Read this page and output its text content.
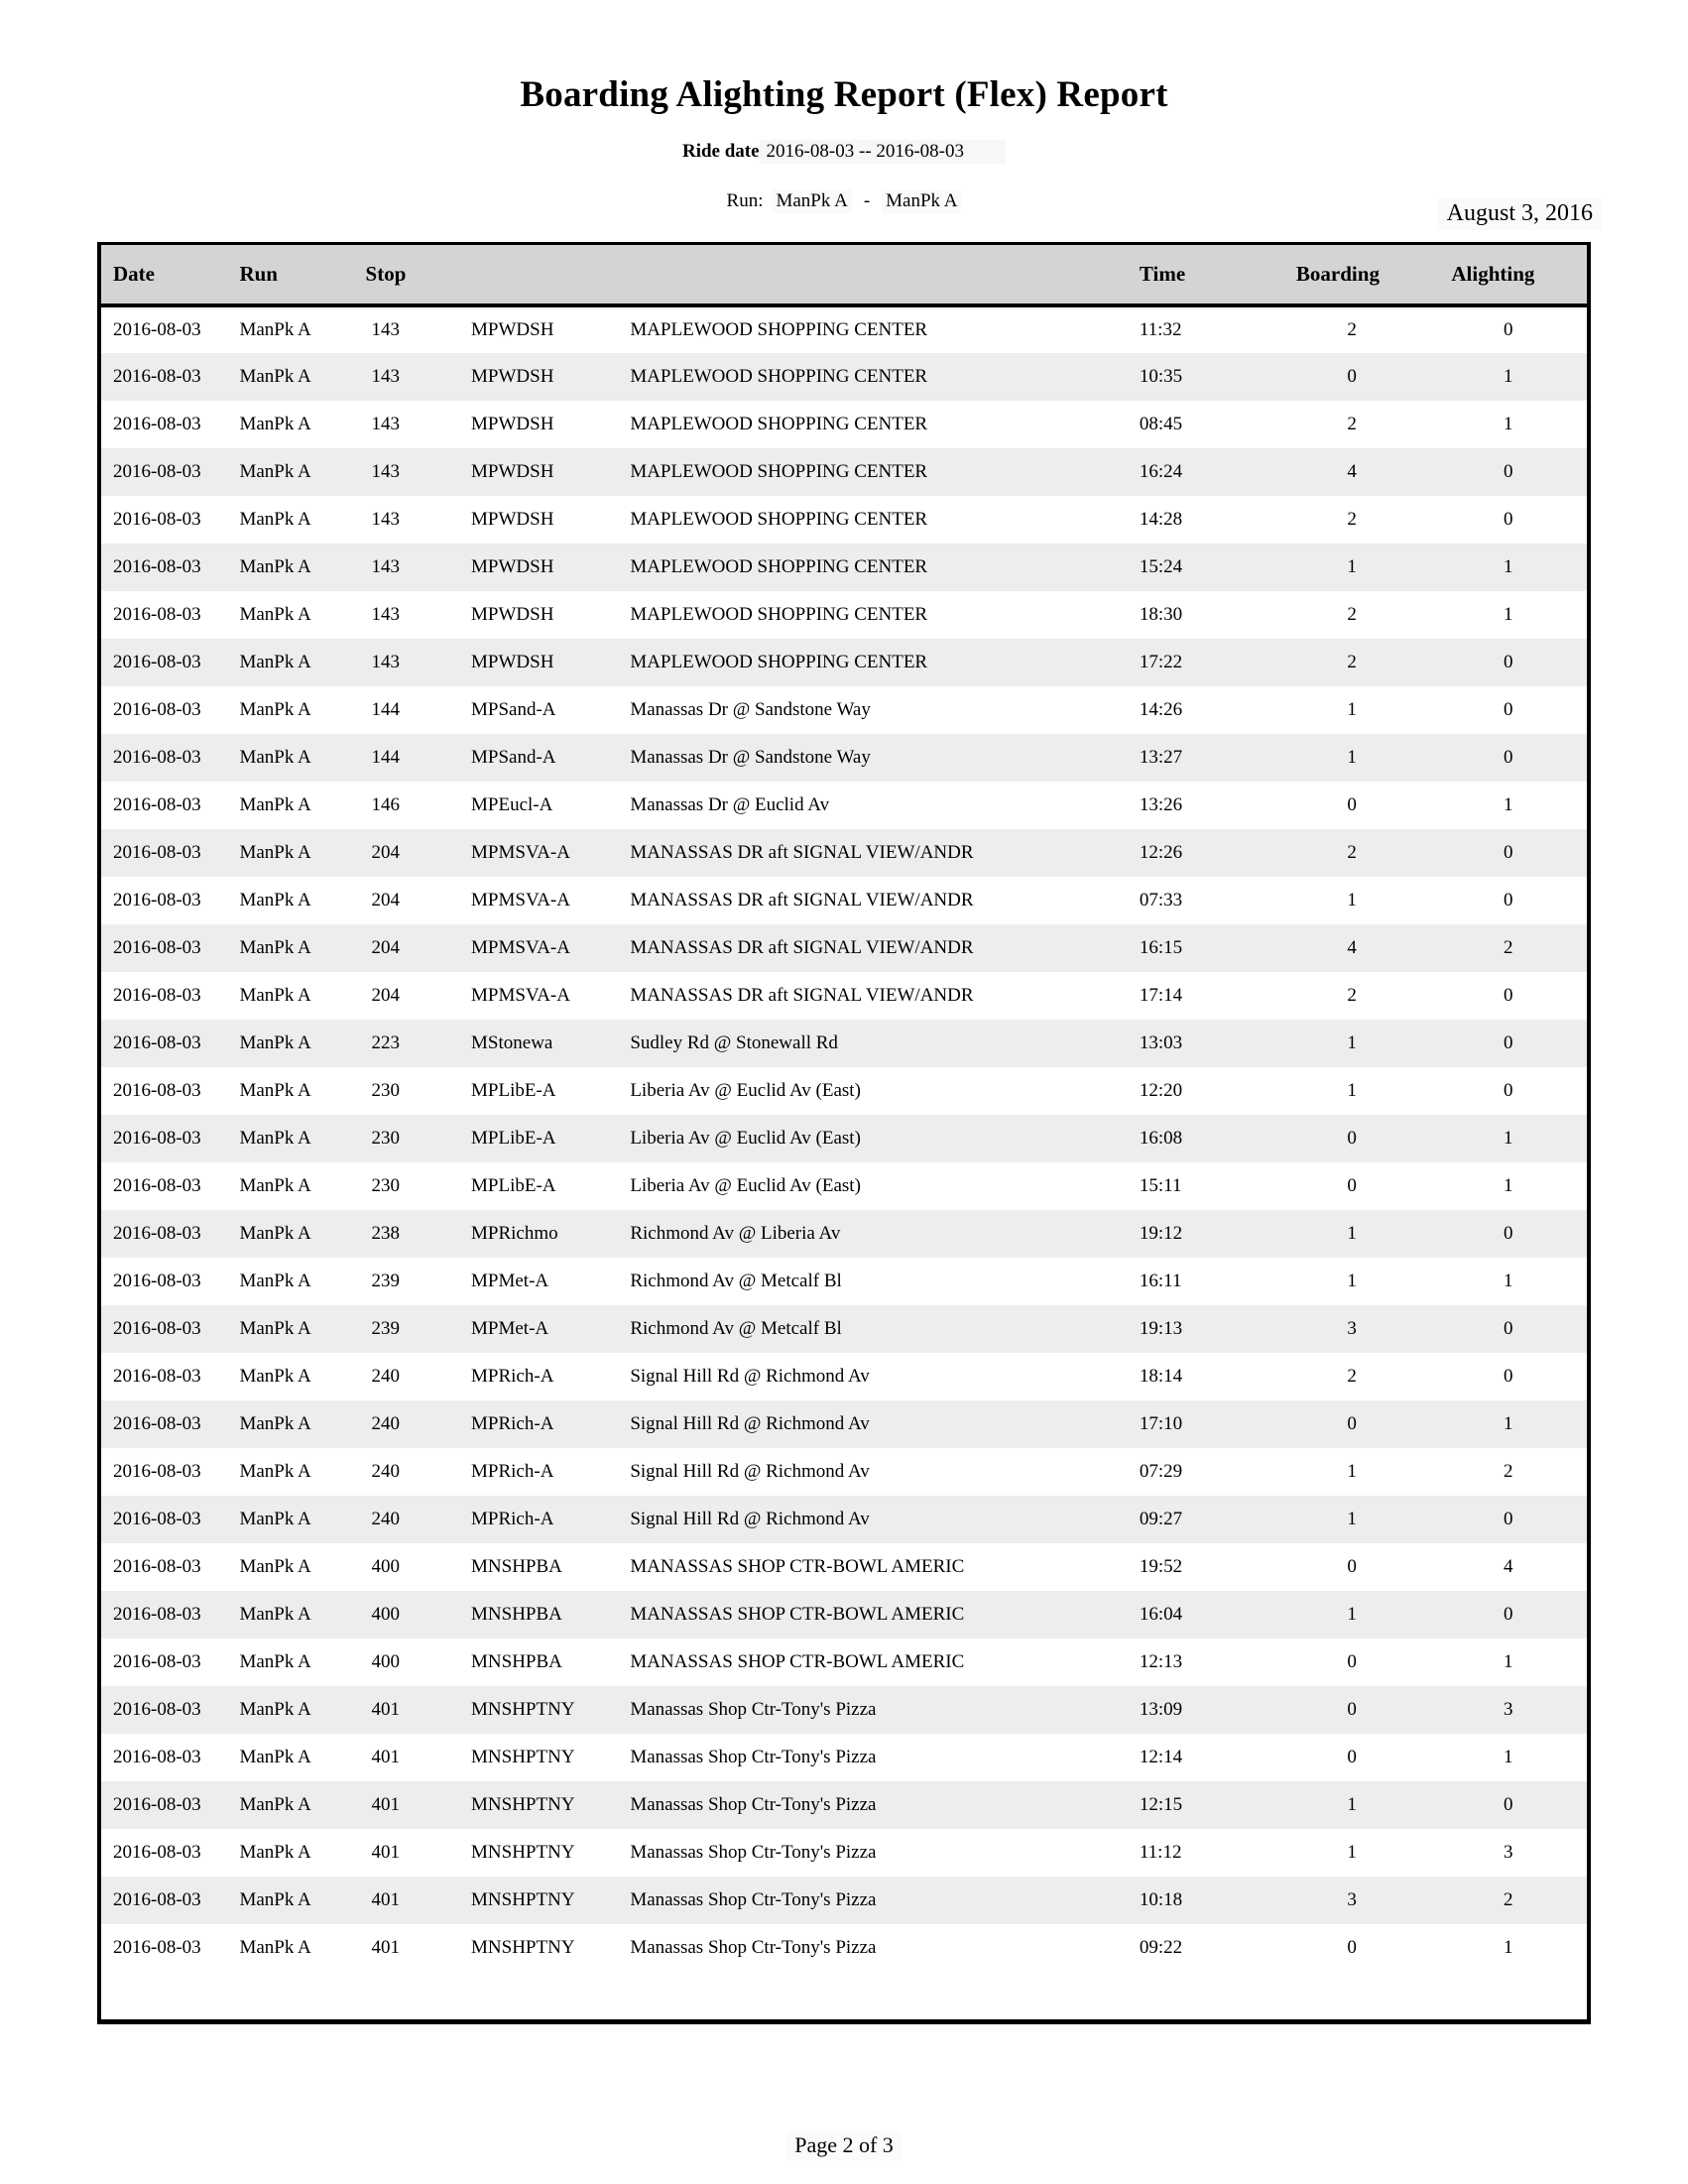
Boarding Alighting Report (Flex) Report
Ride date 2016-08-03 -- 2016-08-03
Run: ManPk A - ManPk A	August 3, 2016
Date	Run	Stop			Time	Boarding	Alighting
2016-08-03	ManPk A	143	MPWDSH	MAPLEWOOD SHOPPING CENTER	11:32	2	0
2016-08-03	ManPk A	143	MPWDSH	MAPLEWOOD SHOPPING CENTER	10:35	0	1
2016-08-03	ManPk A	143	MPWDSH	MAPLEWOOD SHOPPING CENTER	08:45	2	1
2016-08-03	ManPk A	143	MPWDSH	MAPLEWOOD SHOPPING CENTER	16:24	4	0
2016-08-03	ManPk A	143	MPWDSH	MAPLEWOOD SHOPPING CENTER	14:28	2	0
2016-08-03	ManPk A	143	MPWDSH	MAPLEWOOD SHOPPING CENTER	15:24	1	1
2016-08-03	ManPk A	143	MPWDSH	MAPLEWOOD SHOPPING CENTER	18:30	2	1
2016-08-03	ManPk A	143	MPWDSH	MAPLEWOOD SHOPPING CENTER	17:22	2	0
2016-08-03	ManPk A	144	MPSand-A	Manassas Dr @ Sandstone Way	14:26	1	0
2016-08-03	ManPk A	144	MPSand-A	Manassas Dr @ Sandstone Way	13:27	1	0
2016-08-03	ManPk A	146	MPEucl-A	Manassas Dr @ Euclid Av	13:26	0	1
2016-08-03	ManPk A	204	MPMSVA-A	MANASSAS DR aft SIGNAL VIEW/ANDR	12:26	2	0
2016-08-03	ManPk A	204	MPMSVA-A	MANASSAS DR aft SIGNAL VIEW/ANDR	07:33	1	0
2016-08-03	ManPk A	204	MPMSVA-A	MANASSAS DR aft SIGNAL VIEW/ANDR	16:15	4	2
2016-08-03	ManPk A	204	MPMSVA-A	MANASSAS DR aft SIGNAL VIEW/ANDR	17:14	2	0
2016-08-03	ManPk A	223	MStonewa	Sudley Rd @ Stonewall Rd	13:03	1	0
2016-08-03	ManPk A	230	MPLibE-A	Liberia Av @ Euclid Av (East)	12:20	1	0
2016-08-03	ManPk A	230	MPLibE-A	Liberia Av @ Euclid Av (East)	16:08	0	1
2016-08-03	ManPk A	230	MPLibE-A	Liberia Av @ Euclid Av (East)	15:11	0	1
2016-08-03	ManPk A	238	MPRichmo	Richmond Av @ Liberia Av	19:12	1	0
2016-08-03	ManPk A	239	MPMet-A	Richmond Av @ Metcalf Bl	16:11	1	1
2016-08-03	ManPk A	239	MPMet-A	Richmond Av @ Metcalf Bl	19:13	3	0
2016-08-03	ManPk A	240	MPRich-A	Signal Hill Rd @ Richmond Av	18:14	2	0
2016-08-03	ManPk A	240	MPRich-A	Signal Hill Rd @ Richmond Av	17:10	0	1
2016-08-03	ManPk A	240	MPRich-A	Signal Hill Rd @ Richmond Av	07:29	1	2
2016-08-03	ManPk A	240	MPRich-A	Signal Hill Rd @ Richmond Av	09:27	1	0
2016-08-03	ManPk A	400	MNSHPBA	MANASSAS SHOP CTR-BOWL AMERIC	19:52	0	4
2016-08-03	ManPk A	400	MNSHPBA	MANASSAS SHOP CTR-BOWL AMERIC	16:04	1	0
2016-08-03	ManPk A	400	MNSHPBA	MANASSAS SHOP CTR-BOWL AMERIC	12:13	0	1
2016-08-03	ManPk A	401	MNSHPTNY	Manassas Shop Ctr-Tony's Pizza	13:09	0	3
2016-08-03	ManPk A	401	MNSHPTNY	Manassas Shop Ctr-Tony's Pizza	12:14	0	1
2016-08-03	ManPk A	401	MNSHPTNY	Manassas Shop Ctr-Tony's Pizza	12:15	1	0
2016-08-03	ManPk A	401	MNSHPTNY	Manassas Shop Ctr-Tony's Pizza	11:12	1	3
2016-08-03	ManPk A	401	MNSHPTNY	Manassas Shop Ctr-Tony's Pizza	10:18	3	2
2016-08-03	ManPk A	401	MNSHPTNY	Manassas Shop Ctr-Tony's Pizza	09:22	0	1

Page 2 of 3
